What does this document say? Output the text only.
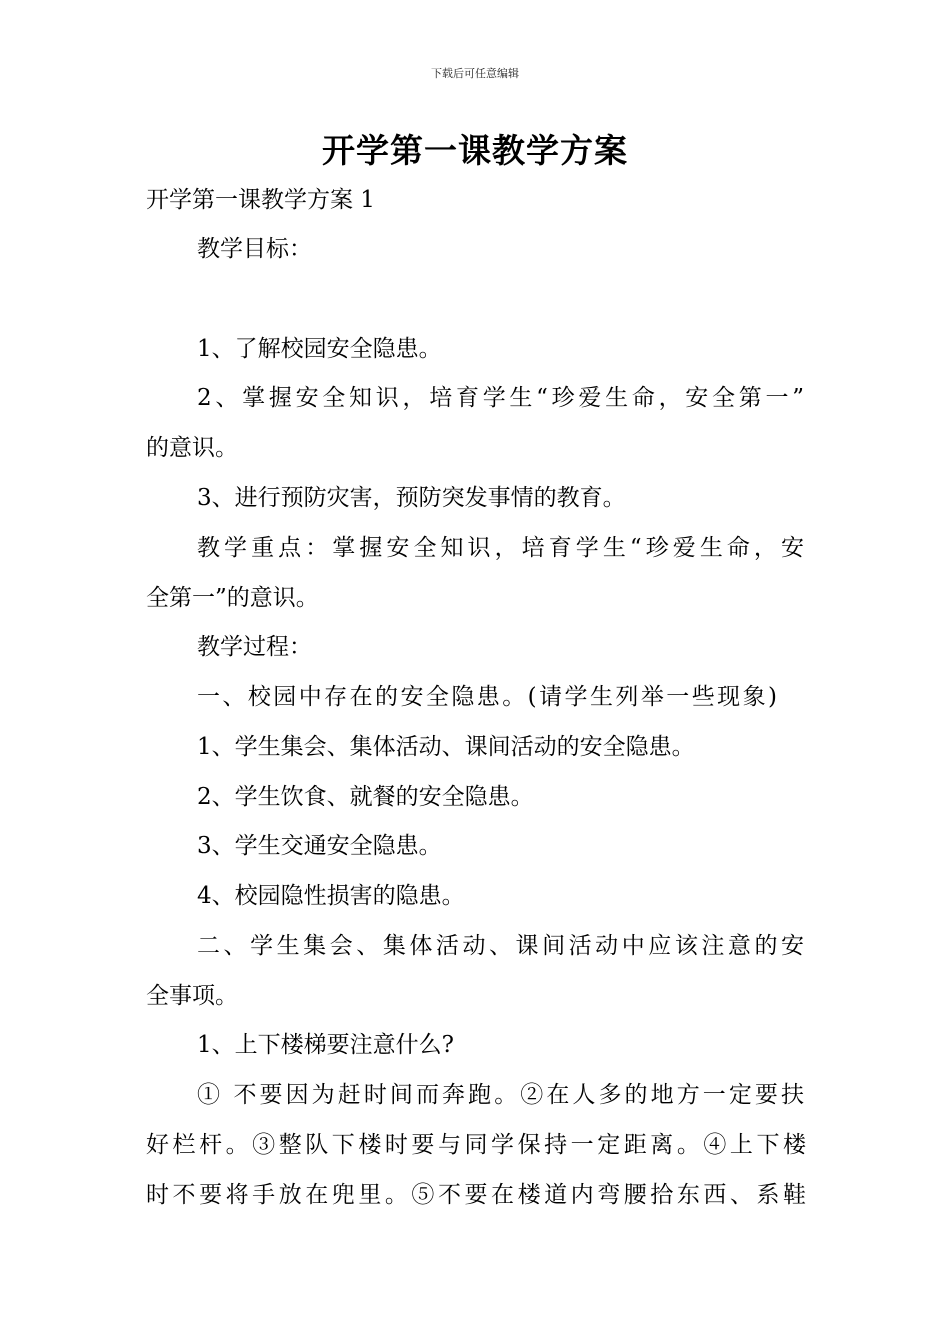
下载后可任意编辑
开学第一课教学方案
开学第一课教学方案 1
教学目标：
1、了解校园安全隐患。
2、掌握安全知识，培育学生“珍爱生命，安全第一”
的意识。
3、进行预防灾害，预防突发事情的教育。
教学重点：掌握安全知识，培育学生“珍爱生命，安
全第一”的意识。
教学过程：
一、校园中存在的安全隐患。(请学生列举一些现象)
1、学生集会、集体活动、课间活动的安全隐患。
2、学生饮食、就餐的安全隐患。
3、学生交通安全隐患。
4、校园隐性损害的隐患。
二、学生集会、集体活动、课间活动中应该注意的安
全事项。
1、上下楼梯要注意什么?
① 不要因为赶时间而奔跑。②在人多的地方一定要扶
好栏杆。③整队下楼时要与同学保持一定距离。④上下楼
时不要将手放在兜里。⑤不要在楼道内弯腰拾东西、系鞋
